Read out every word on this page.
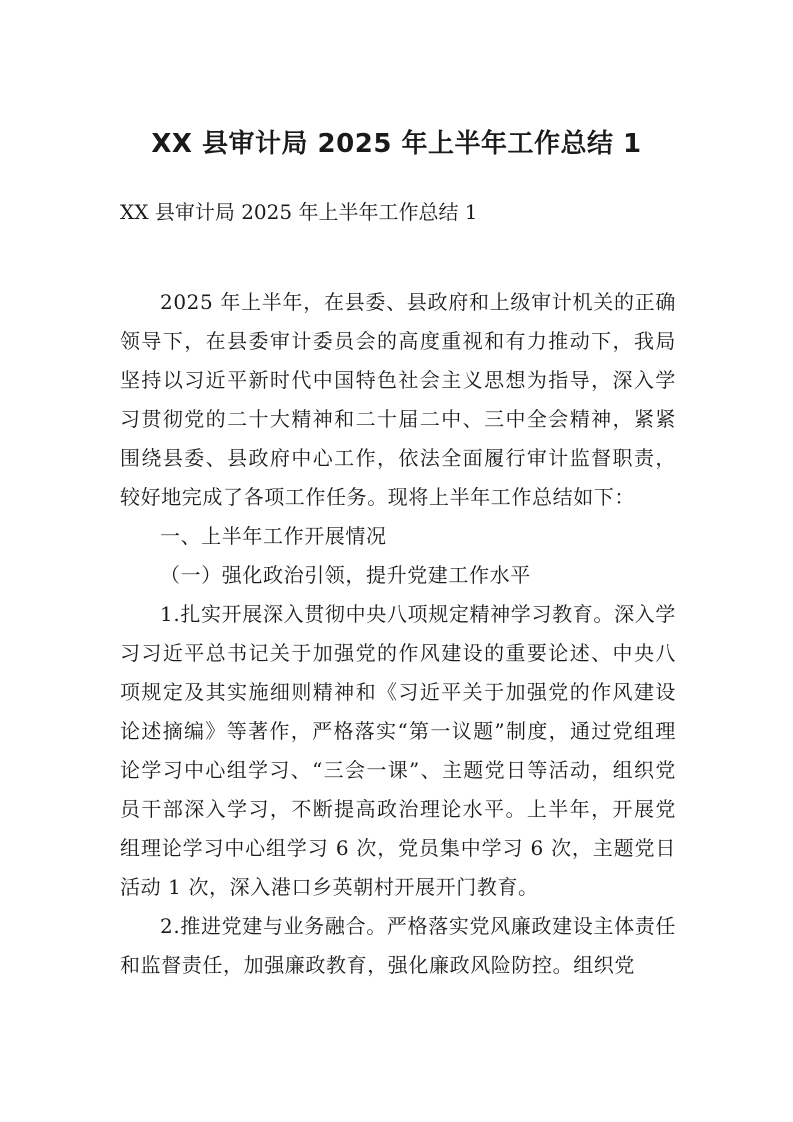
XX 县审计局 2025 年上半年工作总结 1

XX 县审计局 2025 年上半年工作总结 1

2025 年上半年，在县委、县政府和上级审计机关的正确领导下，在县委审计委员会的高度重视和有力推动下，我局坚持以习近平新时代中国特色社会主义思想为指导，深入学习贯彻党的二十大精神和二十届二中、三中全会精神，紧紧围绕县委、县政府中心工作，依法全面履行审计监督职责，较好地完成了各项工作任务。现将上半年工作总结如下：

一、上半年工作开展情况

（一）强化政治引领，提升党建工作水平

1.扎实开展深入贯彻中央八项规定精神学习教育。深入学习习近平总书记关于加强党的作风建设的重要论述、中央八项规定及其实施细则精神和《习近平关于加强党的作风建设论述摘编》等著作，严格落实“第一议题”制度，通过党组理论学习中心组学习、“三会一课”、主题党日等活动，组织党员干部深入学习，不断提高政治理论水平。上半年，开展党组理论学习中心组学习 6 次，党员集中学习 6 次，主题党日活动 1 次，深入港口乡英朝村开展开门教育。

2.推进党建与业务融合。严格落实党风廉政建设主体责任和监督责任，加强廉政教育，强化廉政风险防控。组织党
